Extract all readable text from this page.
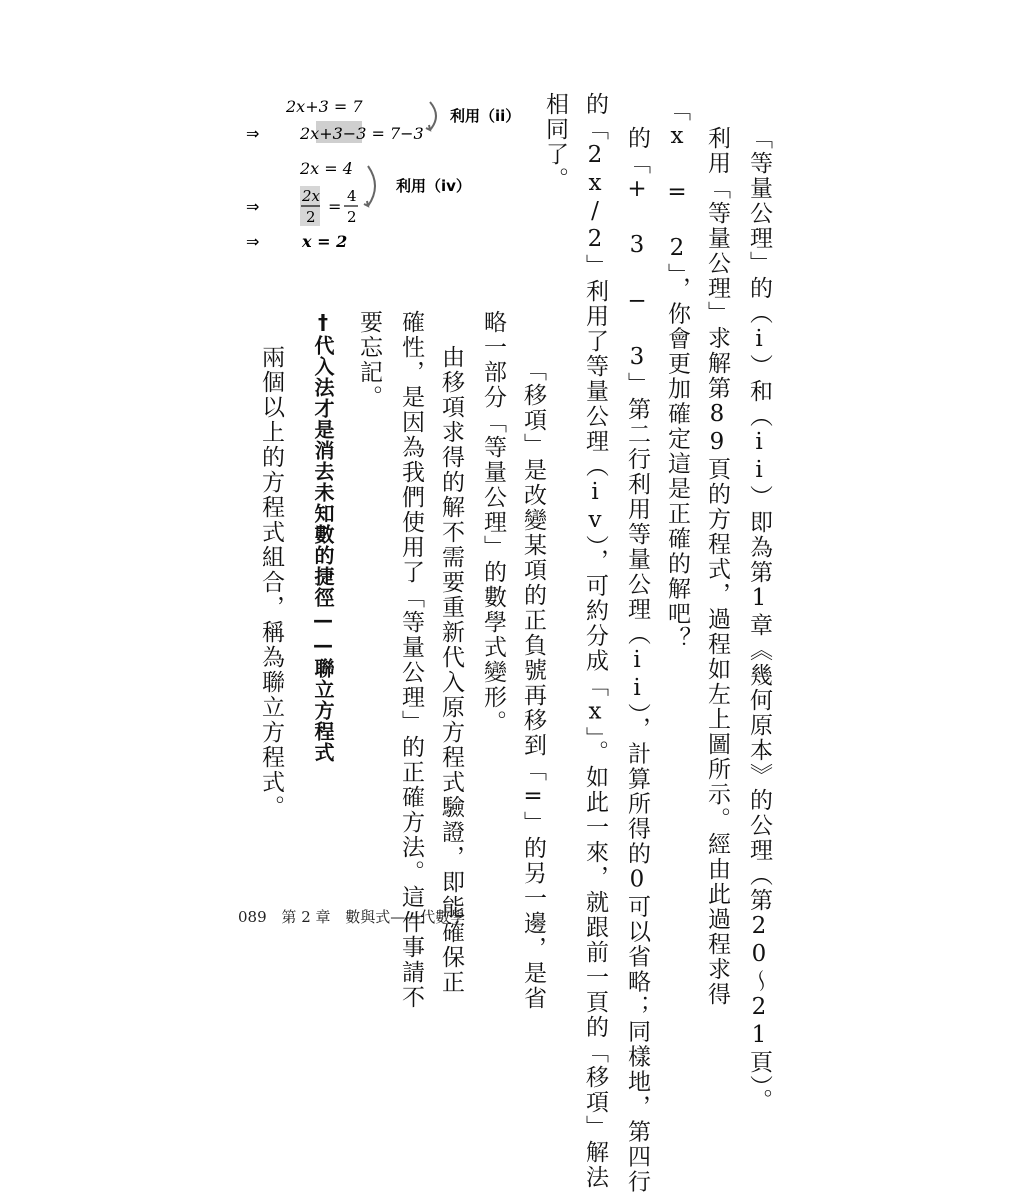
2x+3 = 7
⇒	2x+3−3 = 7−3
2x = 4
⇒
2x
2
=
4
2
⇒	x = 2
利用（ii）
利用（iv）	「等量公理」的（i）和（ii）即為第1章《幾何原本》的公理（第20～21頁）。
利用「等量公理」求解第89頁的方程式，過程如左上圖所示。經由此過程求得
「x = 2」，你會更加確定這是正確的解吧？
的「+ 3 − 3」第二行利用等量公理（ii），計算所得的0可以省略；同樣地，第四行
的「2x/2」利用了等量公理（iv），可約分成「x」。如此一來，就跟前一頁的「移項」解法
相同了。
「移項」是改變某項的正負號再移到「=」的另一邊，是省
略一部分「等量公理」的數學式變形。
由移項求得的解不需要重新代入原方程式驗證，即能確保正
確性，是因為我們使用了「等量公理」的正確方法。這件事請不
要忘記。
†代入法才是消去未知數的捷徑——聯立方程式
兩個以上的方程式組合，稱為聯立方程式。
089 第 2 章 數與式——代數學
